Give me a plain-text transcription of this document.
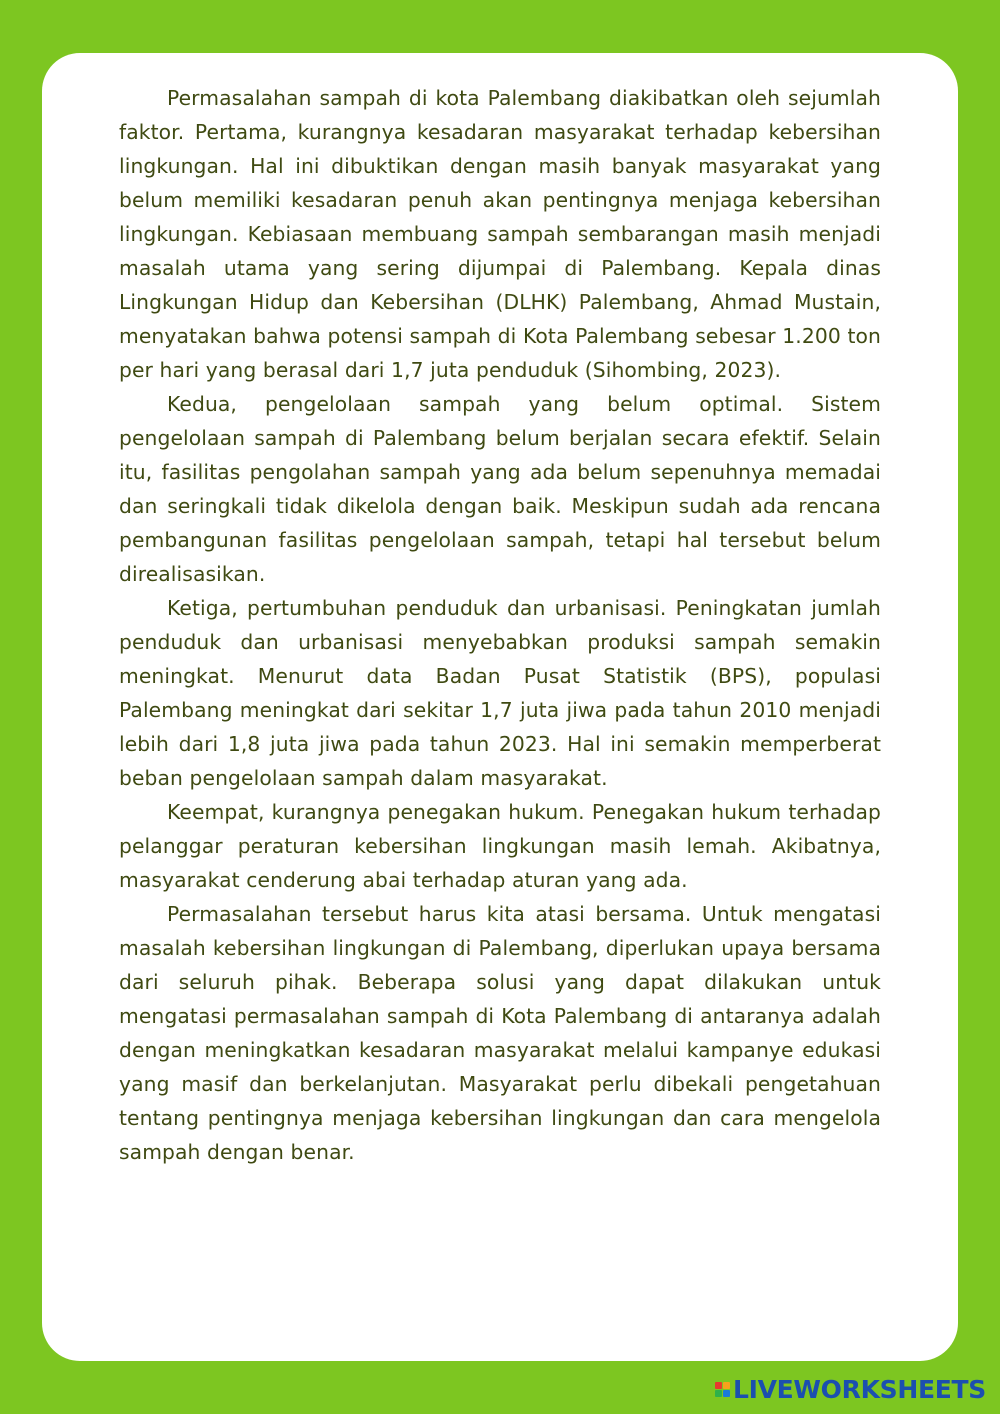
Permasalahan sampah di kota Palembang diakibatkan oleh sejumlah faktor. Pertama, kurangnya kesadaran masyarakat terhadap kebersihan lingkungan. Hal ini dibuktikan dengan masih banyak masyarakat yang belum memiliki kesadaran penuh akan pentingnya menjaga kebersihan lingkungan. Kebiasaan membuang sampah sembarangan masih menjadi masalah utama yang sering dijumpai di Palembang. Kepala dinas Lingkungan Hidup dan Kebersihan (DLHK) Palembang, Ahmad Mustain, menyatakan bahwa potensi sampah di Kota Palembang sebesar 1.200 ton per hari yang berasal dari 1,7 juta penduduk (Sihombing, 2023).

Kedua, pengelolaan sampah yang belum optimal. Sistem pengelolaan sampah di Palembang belum berjalan secara efektif. Selain itu, fasilitas pengolahan sampah yang ada belum sepenuhnya memadai dan seringkali tidak dikelola dengan baik. Meskipun sudah ada rencana pembangunan fasilitas pengelolaan sampah, tetapi hal tersebut belum direalisasikan.

Ketiga, pertumbuhan penduduk dan urbanisasi. Peningkatan jumlah penduduk dan urbanisasi menyebabkan produksi sampah semakin meningkat. Menurut data Badan Pusat Statistik (BPS), populasi Palembang meningkat dari sekitar 1,7 juta jiwa pada tahun 2010 menjadi lebih dari 1,8 juta jiwa pada tahun 2023. Hal ini semakin memperberat beban pengelolaan sampah dalam masyarakat.

Keempat, kurangnya penegakan hukum. Penegakan hukum terhadap pelanggar peraturan kebersihan lingkungan masih lemah. Akibatnya, masyarakat cenderung abai terhadap aturan yang ada.

Permasalahan tersebut harus kita atasi bersama. Untuk mengatasi masalah kebersihan lingkungan di Palembang, diperlukan upaya bersama dari seluruh pihak. Beberapa solusi yang dapat dilakukan untuk mengatasi permasalahan sampah di Kota Palembang di antaranya adalah dengan meningkatkan kesadaran masyarakat melalui kampanye edukasi yang masif dan berkelanjutan. Masyarakat perlu dibekali pengetahuan tentang pentingnya menjaga kebersihan lingkungan dan cara mengelola sampah dengan benar.

LIVEWORKSHEETS
